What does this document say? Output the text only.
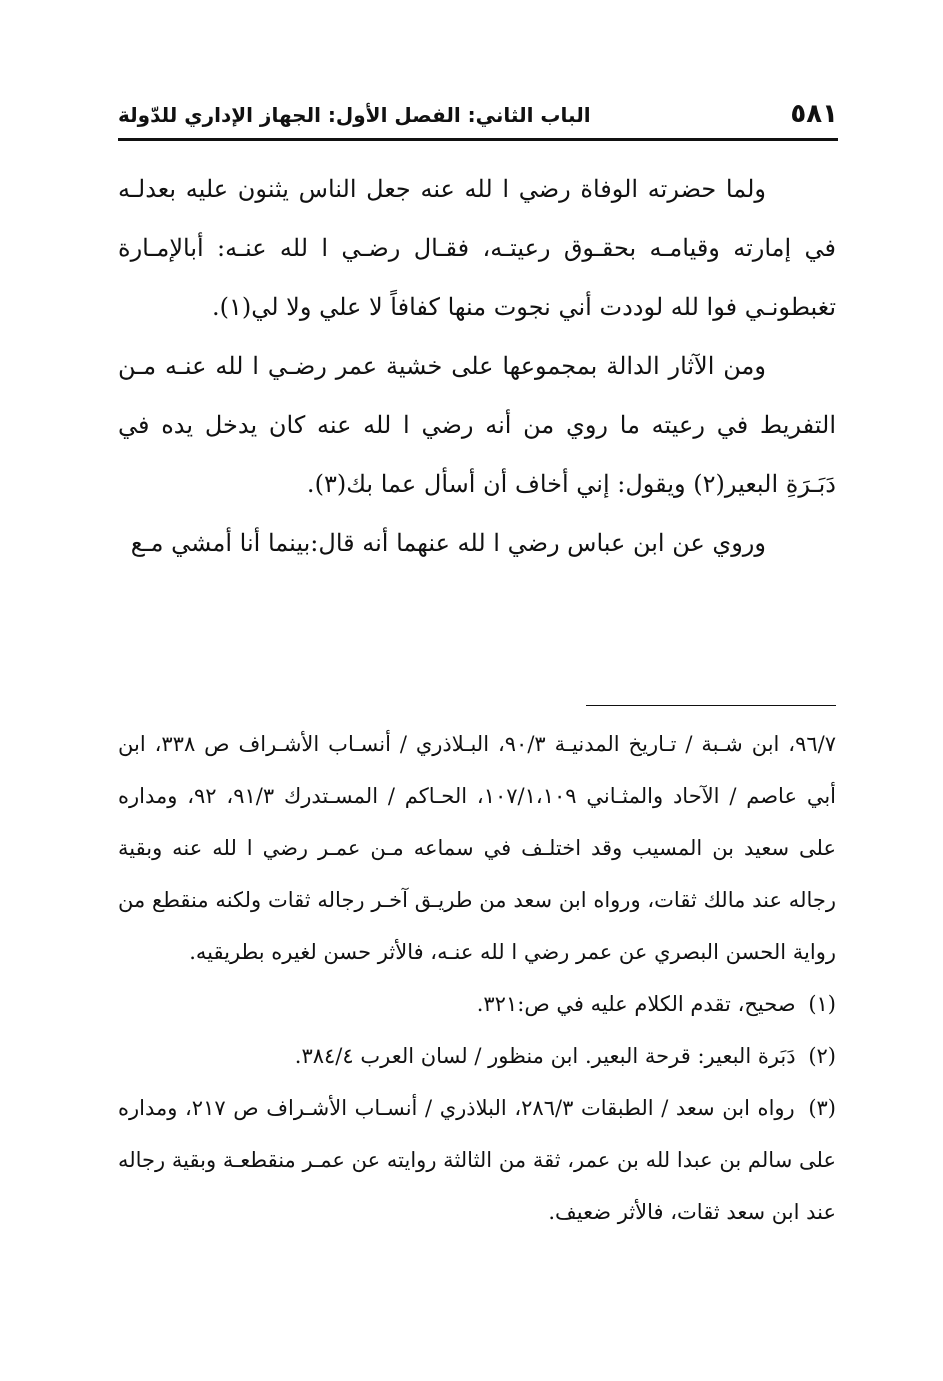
٥٨١
الباب الثاني: الفصل الأول: الجهاز الإداري للدّولة

ولما حضرته الوفاة رضي ا لله عنه جعل الناس يثنون عليه بعدلـه في إمارته وقيامـه بحقـوق رعيتـه، فقـال رضـي ا لله عنـه: أبالإمـارة تغبطونـي فوا لله لوددت أني نجوت منها كفافاً لا علي ولا لي(١).

ومن الآثار الدالة بمجموعها على خشية عمر رضـي ا لله عنـه مـن التفريط في رعيته ما روي من أنه رضي ا لله عنه كان يدخل يده في دَبَـرَةِ البعير(٢) ويقول: إني أخاف أن أسأل عما بك(٣).

وروي عن ابن عباس رضي ا لله عنهما أنه قال:بينما أنا أمشي مـع

٩٦/٧، ابن شـبة / تـاريخ المدنيـة ٩٠/٣، البـلاذري / أنسـاب الأشـراف ص ٣٣٨، ابن أبي عاصم / الآحاد والمثـاني ١٠٧/١،١٠٩، الحـاكم / المسـتدرك ٩١/٣، ٩٢، ومداره على سعيد بن المسيب وقد اختلـف في سماعه مـن عمـر رضي ا لله عنه وبقية رجاله عند مالك ثقات، ورواه ابن سعد من طريـق آخـر رجاله ثقات ولكنه منقطع من رواية الحسن البصري عن عمر رضي ا لله عنـه، فالأثر حسن لغيره بطريقيه.

(١) صحيح، تقدم الكلام عليه في ص:٣٢١.

(٢) دَبَرة البعير: قرحة البعير. ابن منظور / لسان العرب ٣٨٤/٤.

(٣) رواه ابن سعد / الطبقات ٢٨٦/٣، البلاذري / أنسـاب الأشـراف ص ٢١٧، ومداره على سالم بن عبدا لله بن عمر، ثقة من الثالثة روايته عن عمـر منقطعـة وبقية رجاله عند ابن سعد ثقات، فالأثر ضعيف.
